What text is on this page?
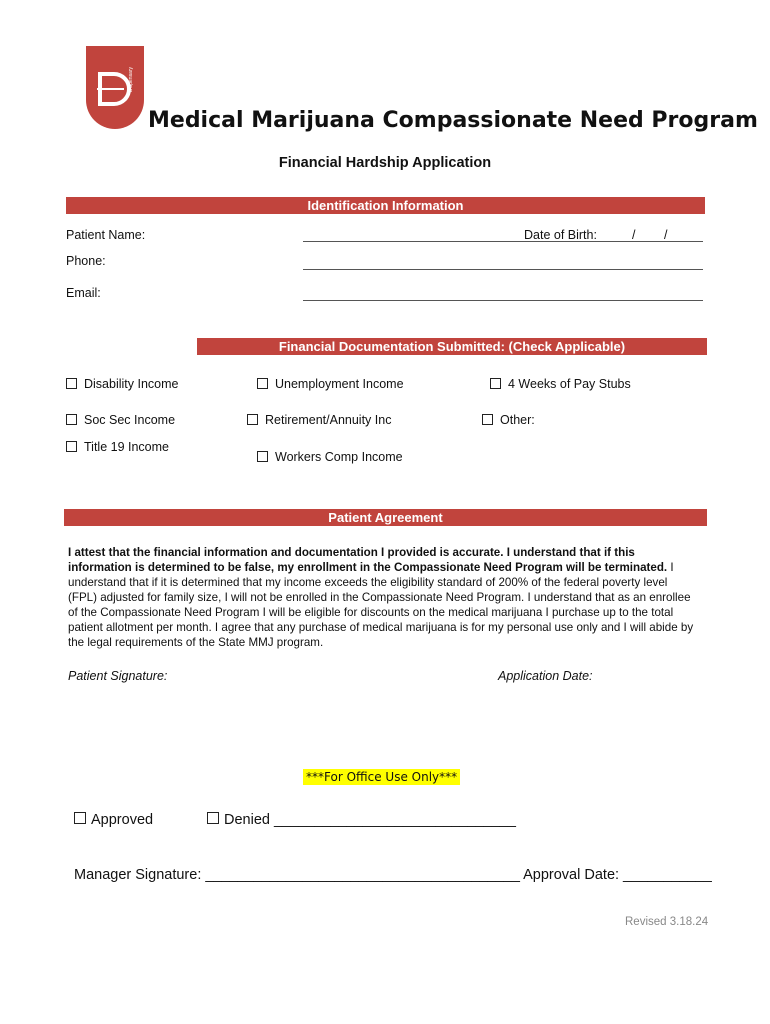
Dispensary
Medical Marijuana Compassionate Need Program
Financial Hardship Application
Identification Information
Patient Name:	Date of Birth:	/ /
Phone:
Email:
Financial Documentation Submitted: (Check Applicable)
Disability Income	Unemployment Income	4 Weeks of Pay Stubs
Soc Sec Income	Retirement/Annuity Inc	Other:
Title 19 Income
Workers Comp Income
Patient Agreement
I attest that the financial information and documentation I provided is accurate. I understand that if this information is determined to be false, my enrollment in the Compassionate Need Program will be terminated. I understand that if it is determined that my income exceeds the eligibility standard of 200% of the federal poverty level (FPL) adjusted for family size, I will not be enrolled in the Compassionate Need Program. I understand that as an enrollee of the Compassionate Need Program I will be eligible for discounts on the medical marijuana I purchase up to the total patient allotment per month. I agree that any purchase of medical marijuana is for my personal use only and I will abide by the legal requirements of the State MMJ program.
Patient Signature:	Application Date:
***For Office Use Only***
Approved	Denied ______________________________
Manager Signature: _______________________________________ Approval Date: ___________
Revised 3.18.24
